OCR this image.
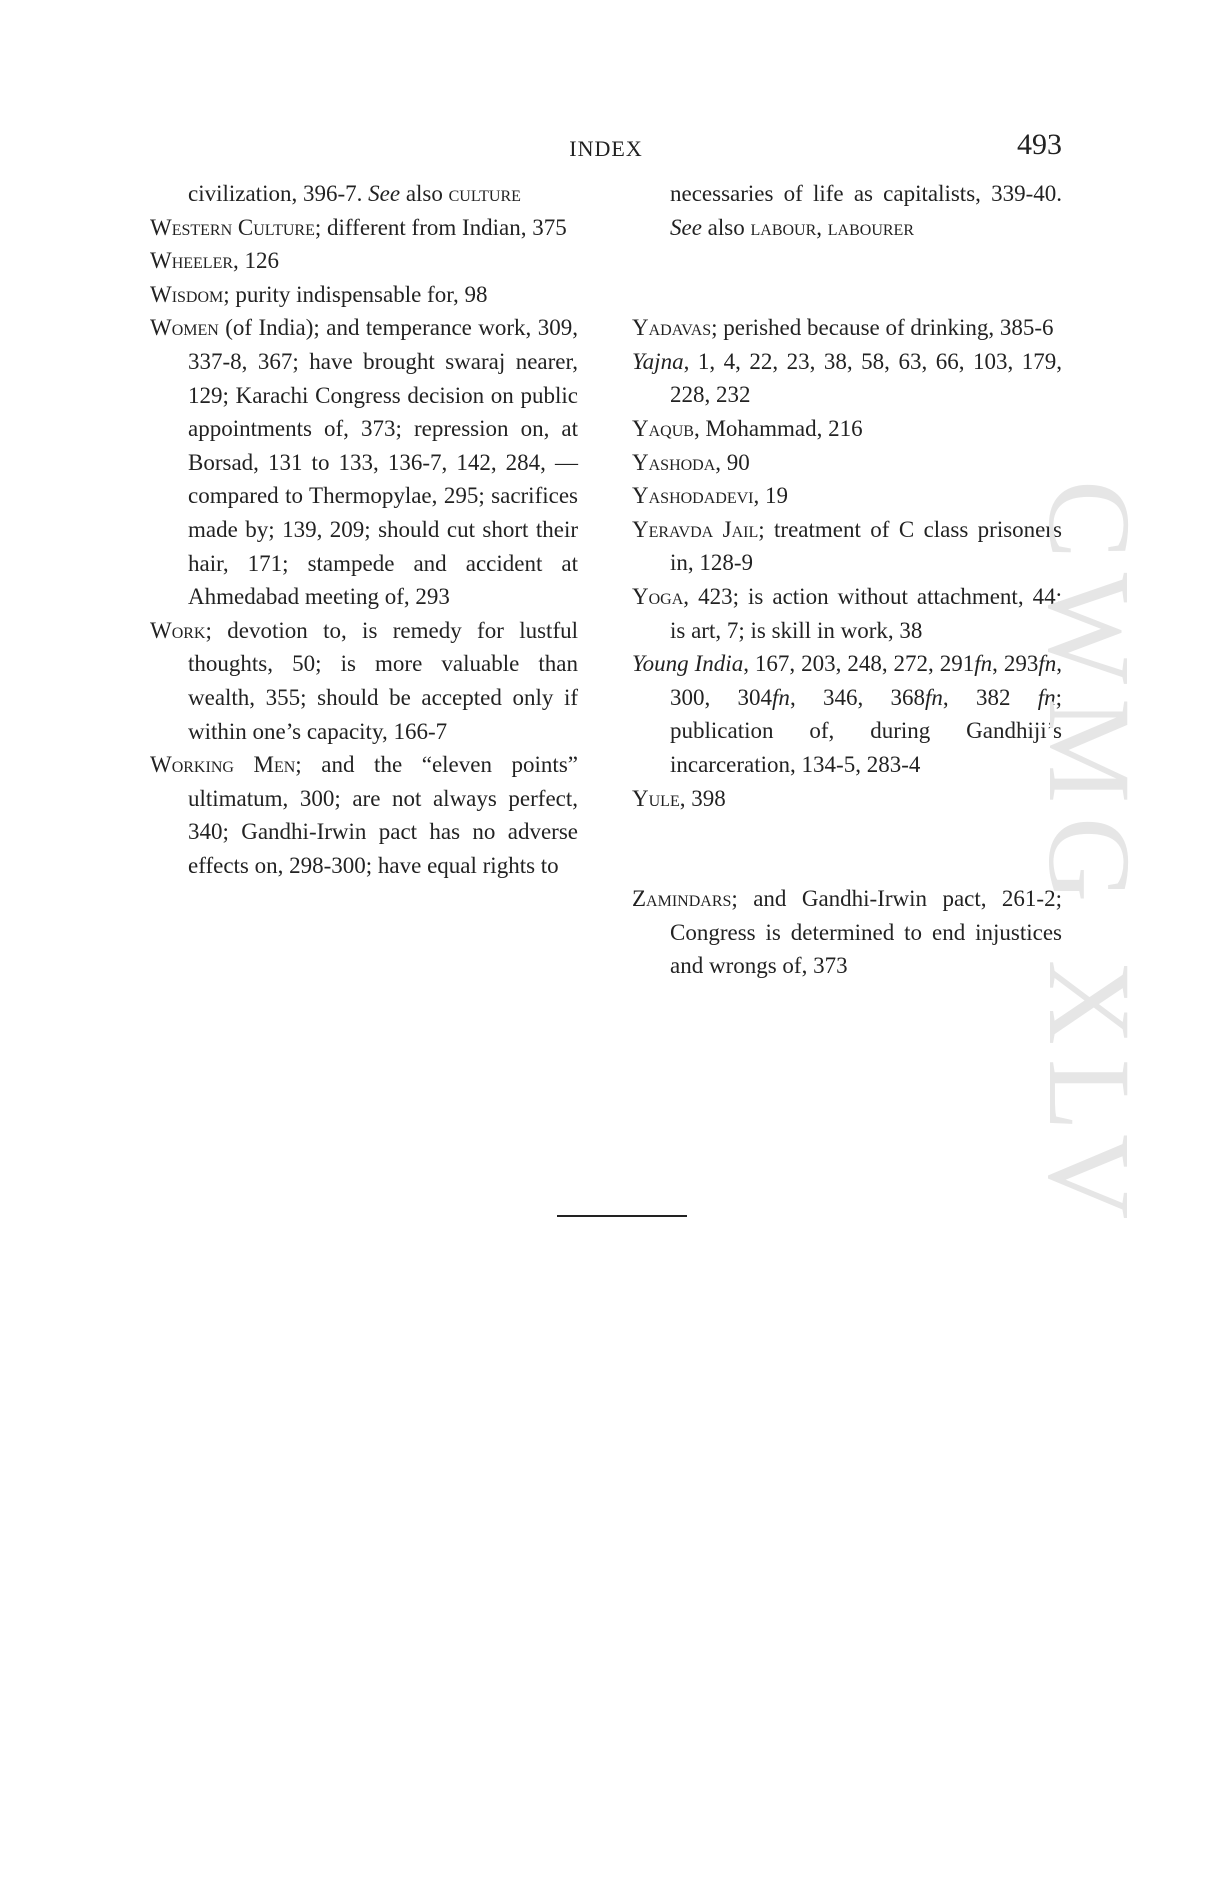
INDEX	493
civilization, 396-7. See also culture
Western Culture; different from Indian, 375
Wheeler, 126
Wisdom; purity indispensable for, 98
Women (of India); and temperance work, 309, 337-8, 367; have brought swaraj nearer, 129; Karachi Congress decision on public appointments of, 373; repression on, at Borsad, 131 to 133, 136-7, 142, 284, — compared to Thermopylae, 295; sacrifices made by; 139, 209; should cut short their hair, 171; stampede and accident at Ahmedabad meeting of, 293
Work; devotion to, is remedy for lustful thoughts, 50; is more valuable than wealth, 355; should be accepted only if within one’s capacity, 166-7
Working Men; and the “eleven points” ultimatum, 300; are not always perfect, 340; Gandhi-Irwin pact has no adverse effects on, 298-300; have equal rights to
necessaries of life as capitalists, 339-40. See also labour, labourer
Yadavas; perished because of drinking, 385-6
Yajna, 1, 4, 22, 23, 38, 58, 63, 66, 103, 179, 228, 232
Yaqub, Mohammad, 216
Yashoda, 90
Yashodadevi, 19
Yeravda Jail; treatment of C class prisoners in, 128-9
Yoga, 423; is action without attachment, 44; is art, 7; is skill in work, 38
Young India, 167, 203, 248, 272, 291fn, 293fn, 300, 304fn, 346, 368fn, 382 fn; publication of, during Gandhiji’s incarceration, 134-5, 283-4
Yule, 398
Zamindars; and Gandhi-Irwin pact, 261-2; Congress is determined to end injustices and wrongs of, 373
CWMG XLV
